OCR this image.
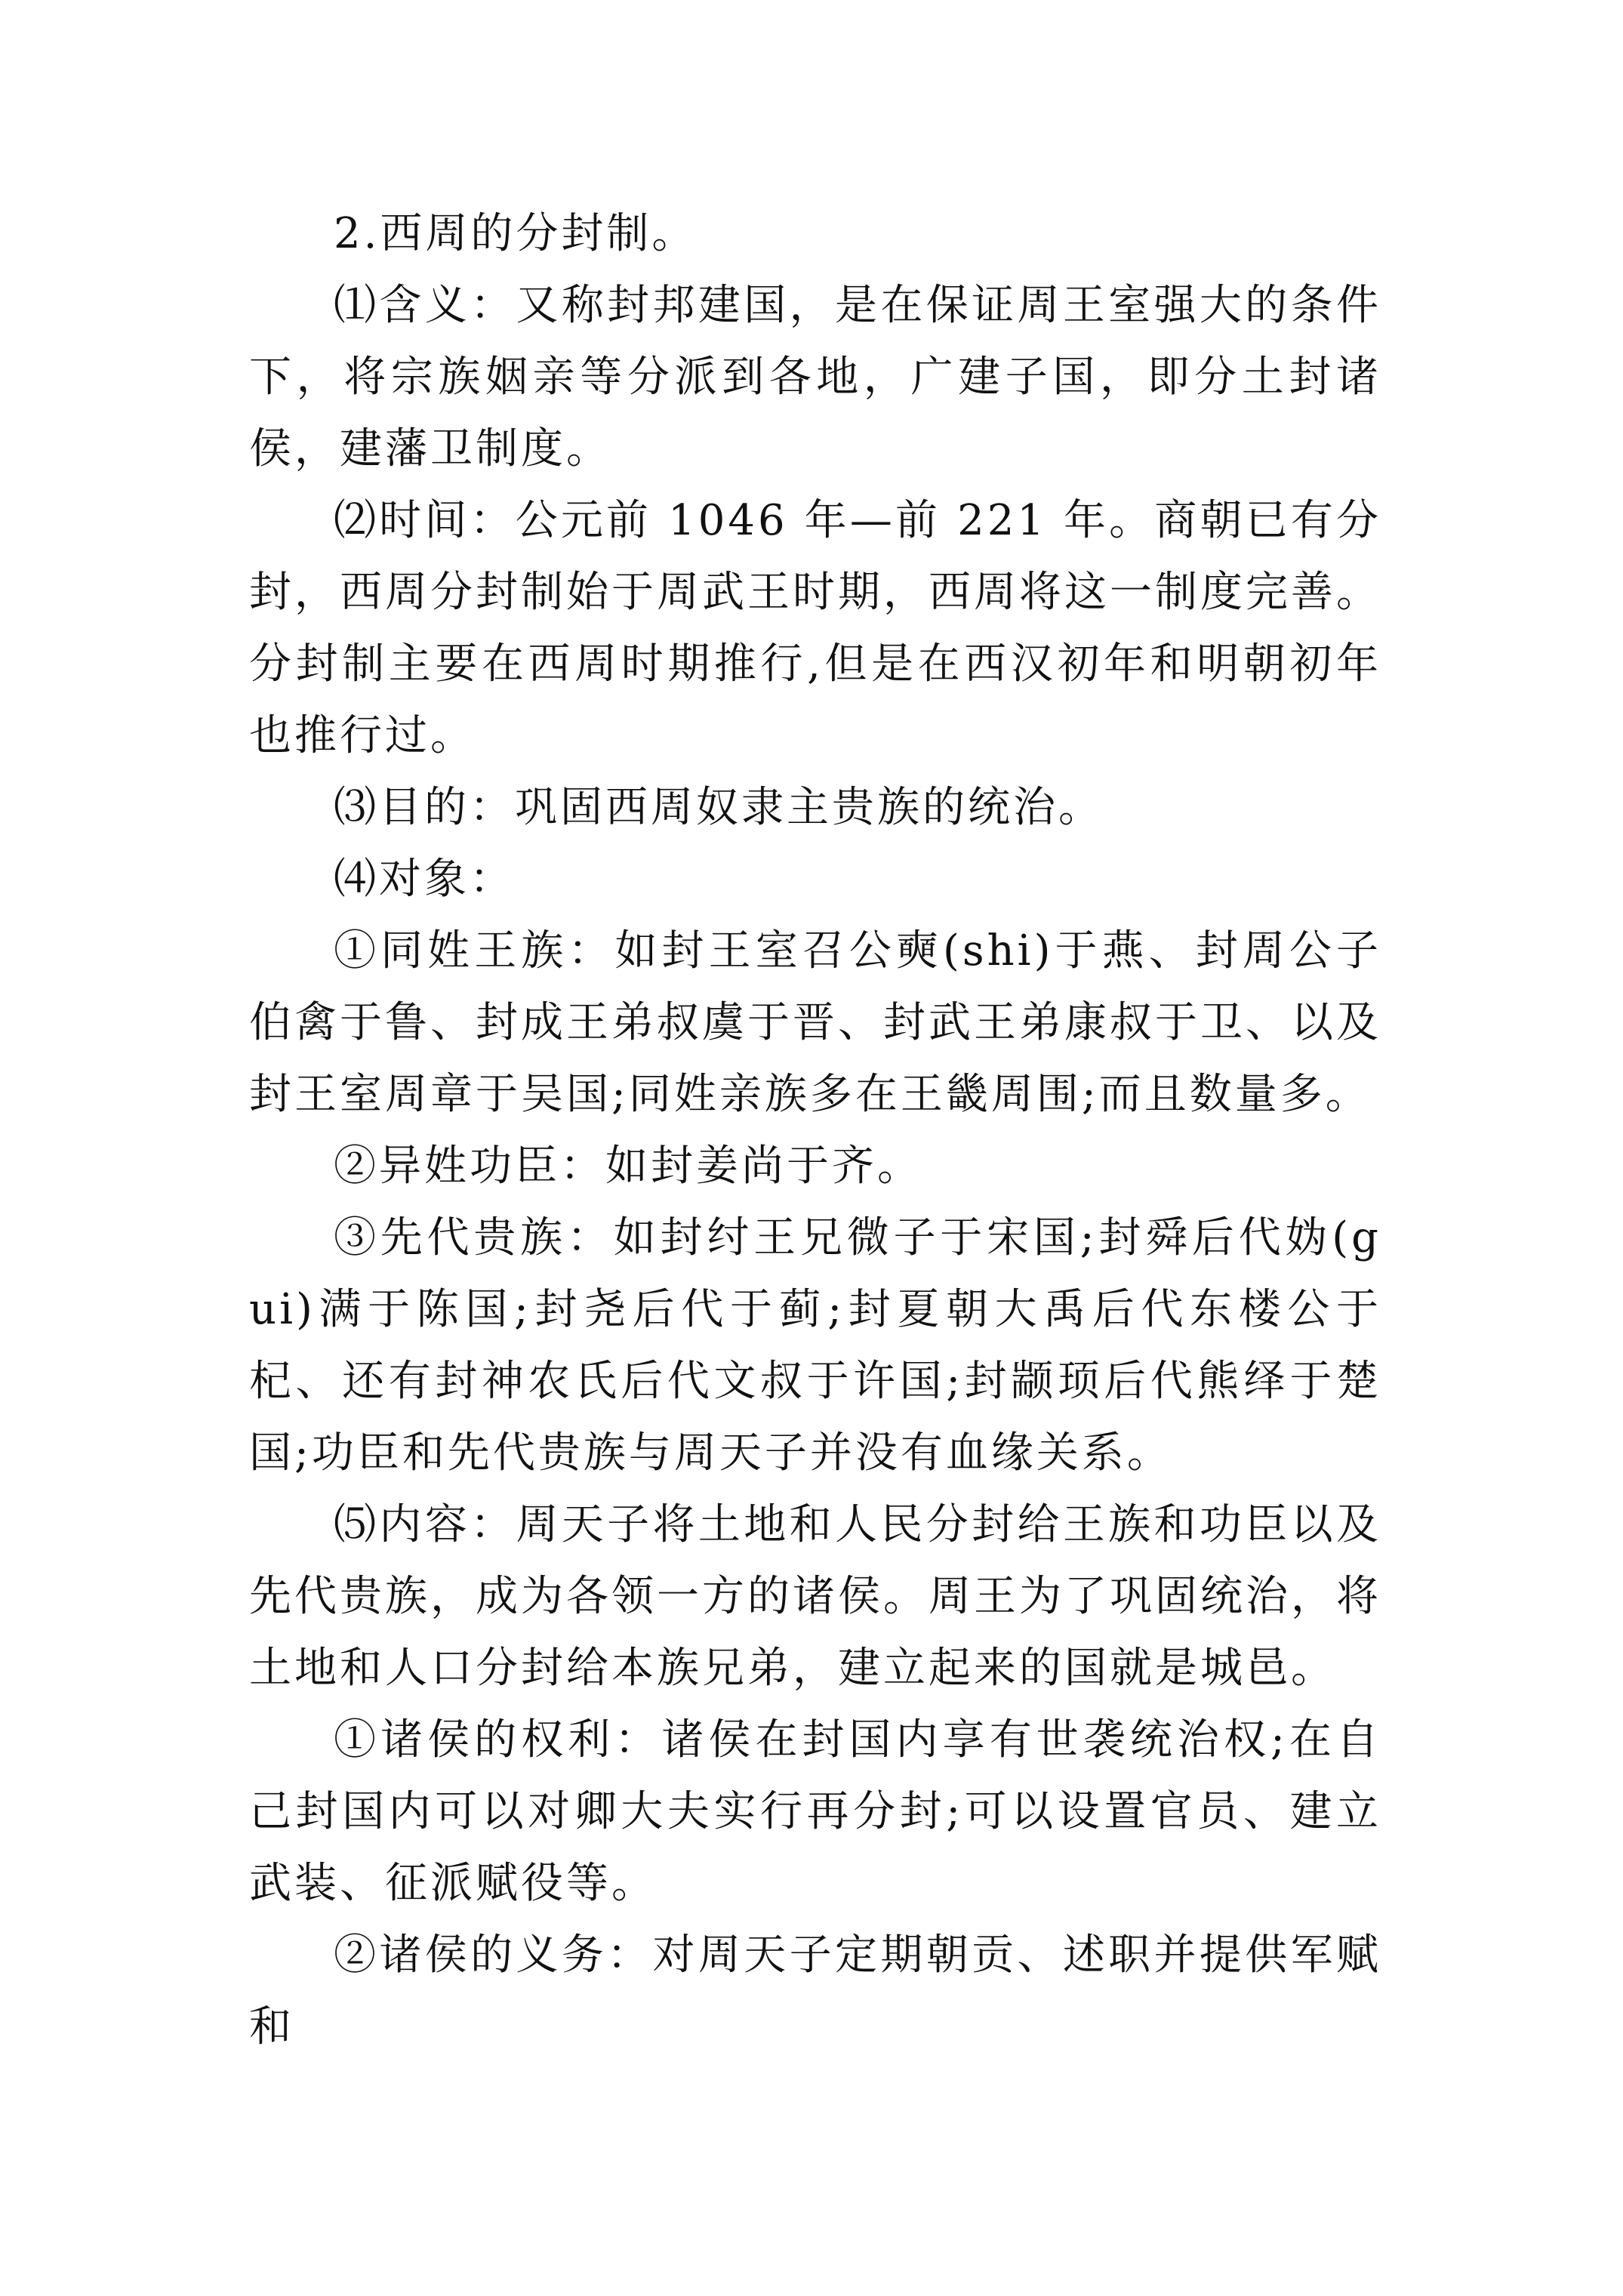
2.西周的分封制。

⑴含义：又称封邦建国，是在保证周王室强大的条件下，将宗族姻亲等分派到各地，广建子国，即分土封诸侯，建藩卫制度。

⑵时间：公元前 1046 年—前 221 年。商朝已有分封，西周分封制始于周武王时期，西周将这一制度完善。分封制主要在西周时期推行,但是在西汉初年和明朝初年也推行过。

⑶目的：巩固西周奴隶主贵族的统治。

⑷对象：

①同姓王族：如封王室召公奭(shi)于燕、封周公子伯禽于鲁、封成王弟叔虞于晋、封武王弟康叔于卫、以及封王室周章于吴国;同姓亲族多在王畿周围;而且数量多。

②异姓功臣：如封姜尚于齐。

③先代贵族：如封纣王兄微子于宋国;封舜后代妫(gui)满于陈国;封尧后代于蓟;封夏朝大禹后代东楼公于杞、还有封神农氏后代文叔于许国;封颛顼后代熊绎于楚国;功臣和先代贵族与周天子并没有血缘关系。

⑸内容：周天子将土地和人民分封给王族和功臣以及先代贵族，成为各领一方的诸侯。周王为了巩固统治，将土地和人口分封给本族兄弟，建立起来的国就是城邑。

①诸侯的权利：诸侯在封国内享有世袭统治权;在自己封国内可以对卿大夫实行再分封;可以设置官员、建立武装、征派赋役等。

②诸侯的义务：对周天子定期朝贡、述职并提供军赋和
